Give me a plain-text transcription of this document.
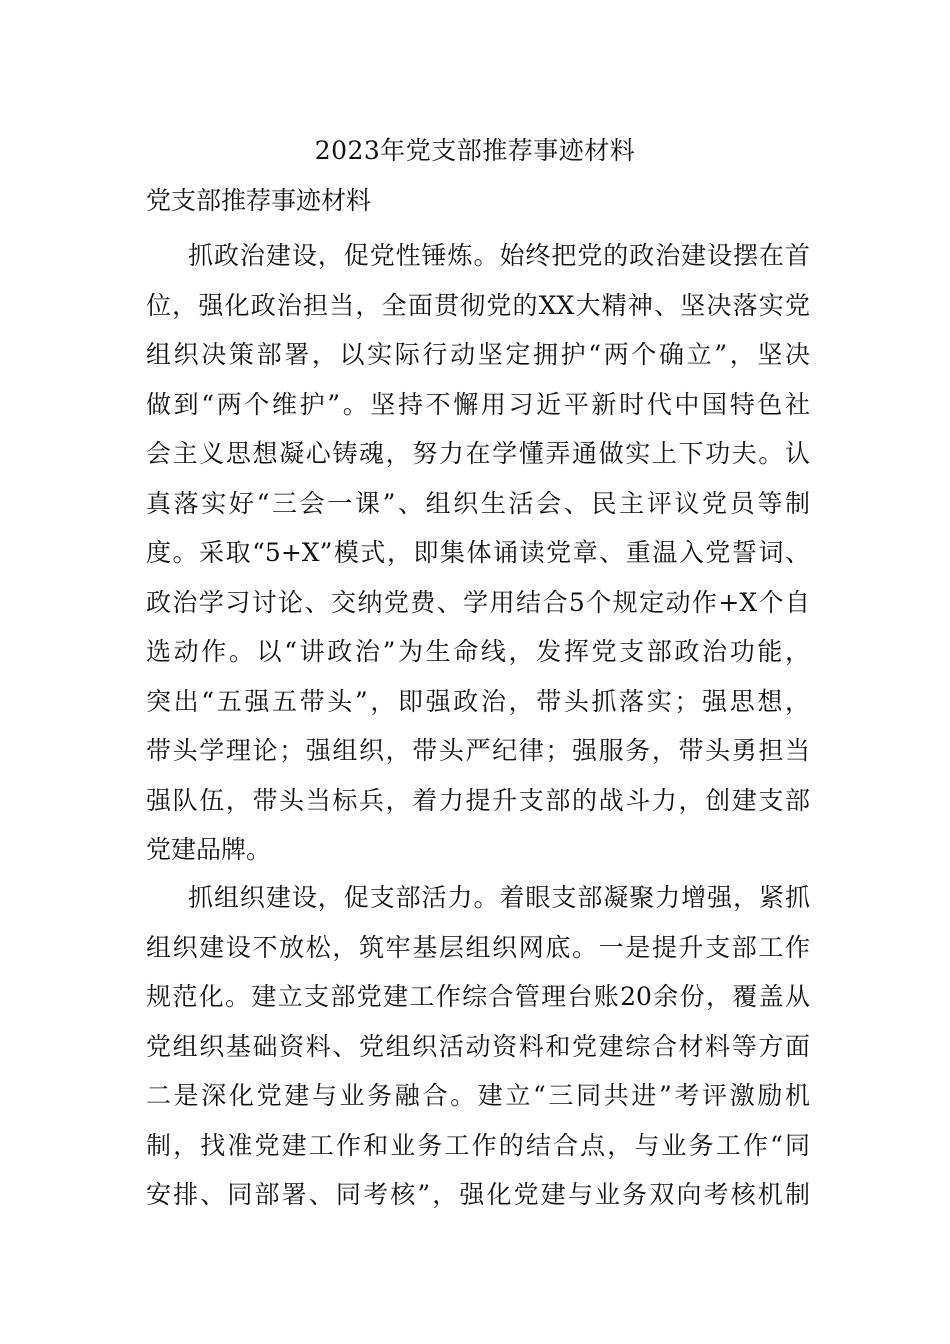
2023年党支部推荐事迹材料
党支部推荐事迹材料
抓政治建设，促党性锤炼。始终把党的政治建设摆在首
位，强化政治担当，全面贯彻党的XX大精神、坚决落实党
组织决策部署，以实际行动坚定拥护“两个确立”，坚决
做到“两个维护”。坚持不懈用习近平新时代中国特色社
会主义思想凝心铸魂，努力在学懂弄通做实上下功夫。认
真落实好“三会一课”、组织生活会、民主评议党员等制
度。采取“5+X”模式，即集体诵读党章、重温入党誓词、
政治学习讨论、交纳党费、学用结合5个规定动作+X个自
选动作。以“讲政治”为生命线，发挥党支部政治功能，
突出“五强五带头”，即强政治，带头抓落实；强思想，
带头学理论；强组织，带头严纪律；强服务，带头勇担当
强队伍，带头当标兵，着力提升支部的战斗力，创建支部
党建品牌。
抓组织建设，促支部活力。着眼支部凝聚力增强，紧抓
组织建设不放松，筑牢基层组织网底。一是提升支部工作
规范化。建立支部党建工作综合管理台账20余份，覆盖从
党组织基础资料、党组织活动资料和党建综合材料等方面
二是深化党建与业务融合。建立“三同共进”考评激励机
制，找准党建工作和业务工作的结合点，与业务工作“同
安排、同部署、同考核”，强化党建与业务双向考核机制
